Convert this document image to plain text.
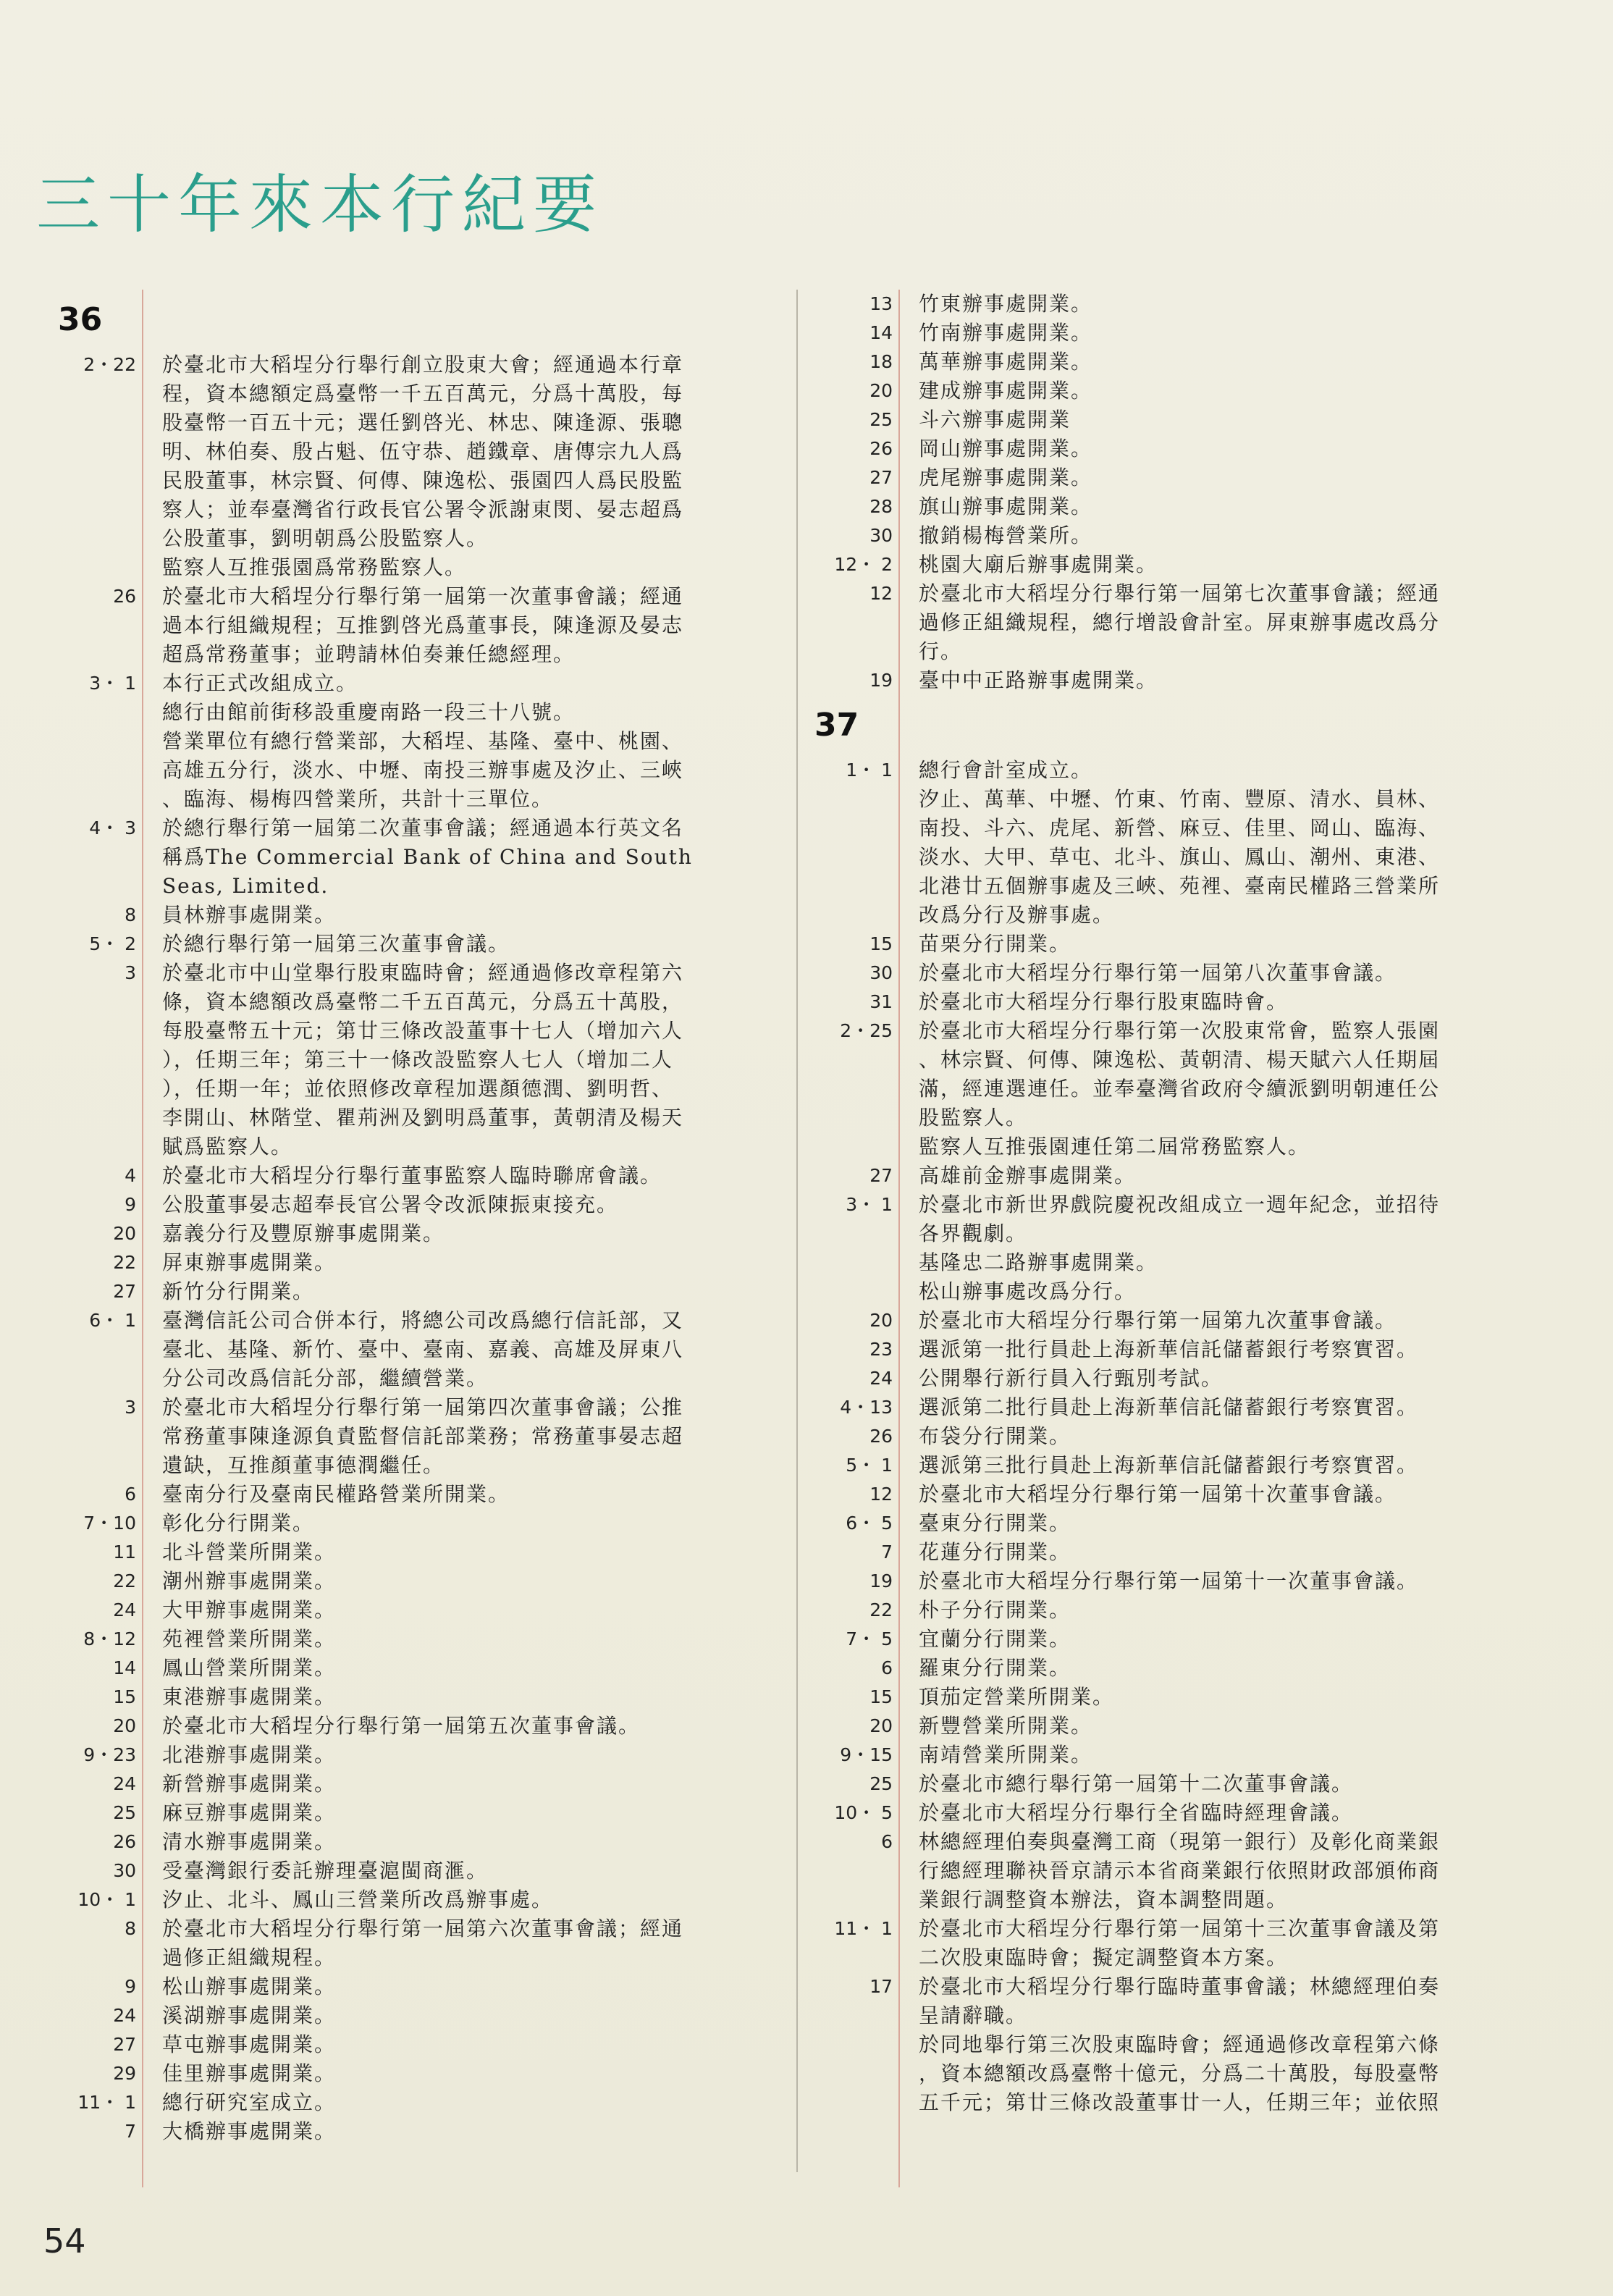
三十年來本行紀要
36
2・22	於臺北市大稻埕分行舉行創立股東大會；經通過本行章
程，資本總額定爲臺幣一千五百萬元，分爲十萬股，每
股臺幣一百五十元；選任劉啓光、林忠、陳逢源、張聰
明、林伯奏、殷占魁、伍守恭、趙鐵章、唐傳宗九人爲
民股董事，林宗賢、何傳、陳逸松、張園四人爲民股監
察人；並奉臺灣省行政長官公署令派謝東閔、晏志超爲
公股董事，劉明朝爲公股監察人。
監察人互推張園爲常務監察人。
26	於臺北市大稻埕分行舉行第一屆第一次董事會議；經通
過本行組織規程；互推劉啓光爲董事長，陳逢源及晏志
超爲常務董事；並聘請林伯奏兼任總經理。
3・ 1	本行正式改組成立。
總行由館前街移設重慶南路一段三十八號。
營業單位有總行營業部，大稻埕、基隆、臺中、桃園、
高雄五分行，淡水、中壢、南投三辦事處及汐止、三峽
、臨海、楊梅四營業所，共計十三單位。
4・ 3	於總行舉行第一屆第二次董事會議；經通過本行英文名
稱爲The Commercial Bank of China and South
Seas, Limited.
8	員林辦事處開業。
5・ 2	於總行舉行第一屆第三次董事會議。
3	於臺北市中山堂舉行股東臨時會；經通過修改章程第六
條，資本總額改爲臺幣二千五百萬元，分爲五十萬股，
每股臺幣五十元；第廿三條改設董事十七人（增加六人
），任期三年；第三十一條改設監察人七人（增加二人
），任期一年；並依照修改章程加選顏德潤、劉明哲、
李開山、林階堂、瞿荊洲及劉明爲董事，黃朝清及楊天
賦爲監察人。
4	於臺北市大稻埕分行舉行董事監察人臨時聯席會議。
9	公股董事晏志超奉長官公署令改派陳振東接充。
20	嘉義分行及豐原辦事處開業。
22	屏東辦事處開業。
27	新竹分行開業。
6・ 1	臺灣信託公司合併本行，將總公司改爲總行信託部，又
臺北、基隆、新竹、臺中、臺南、嘉義、高雄及屏東八
分公司改爲信託分部，繼續營業。
3	於臺北市大稻埕分行舉行第一屆第四次董事會議；公推
常務董事陳逢源負責監督信託部業務；常務董事晏志超
遺缺，互推顏董事德潤繼任。
6	臺南分行及臺南民權路營業所開業。
7・10	彰化分行開業。
11	北斗營業所開業。
22	潮州辦事處開業。
24	大甲辦事處開業。
8・12	苑裡營業所開業。
14	鳳山營業所開業。
15	東港辦事處開業。
20	於臺北市大稻埕分行舉行第一屆第五次董事會議。
9・23	北港辦事處開業。
24	新營辦事處開業。
25	麻豆辦事處開業。
26	清水辦事處開業。
30	受臺灣銀行委託辦理臺滬閩商滙。
10・ 1	汐止、北斗、鳳山三營業所改爲辦事處。
8	於臺北市大稻埕分行舉行第一屆第六次董事會議；經通
過修正組織規程。
9	松山辦事處開業。
24	溪湖辦事處開業。
27	草屯辦事處開業。
29	佳里辦事處開業。
11・ 1	總行研究室成立。
7	大橋辦事處開業。
13	竹東辦事處開業。
14	竹南辦事處開業。
18	萬華辦事處開業。
20	建成辦事處開業。
25	斗六辦事處開業
26	岡山辦事處開業。
27	虎尾辦事處開業。
28	旗山辦事處開業。
30	撤銷楊梅營業所。
12・ 2	桃園大廟后辦事處開業。
12	於臺北市大稻埕分行舉行第一屆第七次董事會議；經通
過修正組織規程，總行增設會計室。屏東辦事處改爲分
行。
19	臺中中正路辦事處開業。
37
1・ 1	總行會計室成立。
汐止、萬華、中壢、竹東、竹南、豐原、清水、員林、
南投、斗六、虎尾、新營、麻豆、佳里、岡山、臨海、
淡水、大甲、草屯、北斗、旗山、鳳山、潮州、東港、
北港廿五個辦事處及三峽、苑裡、臺南民權路三營業所
改爲分行及辦事處。
15	苗栗分行開業。
30	於臺北市大稻埕分行舉行第一屆第八次董事會議。
31	於臺北市大稻埕分行舉行股東臨時會。
2・25	於臺北市大稻埕分行舉行第一次股東常會，監察人張園
、林宗賢、何傳、陳逸松、黃朝清、楊天賦六人任期屆
滿，經連選連任。並奉臺灣省政府令續派劉明朝連任公
股監察人。
監察人互推張園連任第二屆常務監察人。
27	高雄前金辦事處開業。
3・ 1	於臺北市新世界戲院慶祝改組成立一週年紀念，並招待
各界觀劇。
基隆忠二路辦事處開業。
松山辦事處改爲分行。
20	於臺北市大稻埕分行舉行第一屆第九次董事會議。
23	選派第一批行員赴上海新華信託儲蓄銀行考察實習。
24	公開舉行新行員入行甄別考試。
4・13	選派第二批行員赴上海新華信託儲蓄銀行考察實習。
26	布袋分行開業。
5・ 1	選派第三批行員赴上海新華信託儲蓄銀行考察實習。
12	於臺北市大稻埕分行舉行第一屆第十次董事會議。
6・ 5	臺東分行開業。
7	花蓮分行開業。
19	於臺北市大稻埕分行舉行第一屆第十一次董事會議。
22	朴子分行開業。
7・ 5	宜蘭分行開業。
6	羅東分行開業。
15	頂茄定營業所開業。
20	新豐營業所開業。
9・15	南靖營業所開業。
25	於臺北市總行舉行第一屆第十二次董事會議。
10・ 5	於臺北市大稻埕分行舉行全省臨時經理會議。
6	林總經理伯奏與臺灣工商（現第一銀行）及彰化商業銀
行總經理聯袂晉京請示本省商業銀行依照財政部頒佈商
業銀行調整資本辦法，資本調整問題。
11・ 1	於臺北市大稻埕分行舉行第一屆第十三次董事會議及第
二次股東臨時會；擬定調整資本方案。
17	於臺北市大稻埕分行舉行臨時董事會議；林總經理伯奏
呈請辭職。
於同地舉行第三次股東臨時會；經通過修改章程第六條
，資本總額改爲臺幣十億元，分爲二十萬股，每股臺幣
五千元；第廿三條改設董事廿一人，任期三年；並依照
54
